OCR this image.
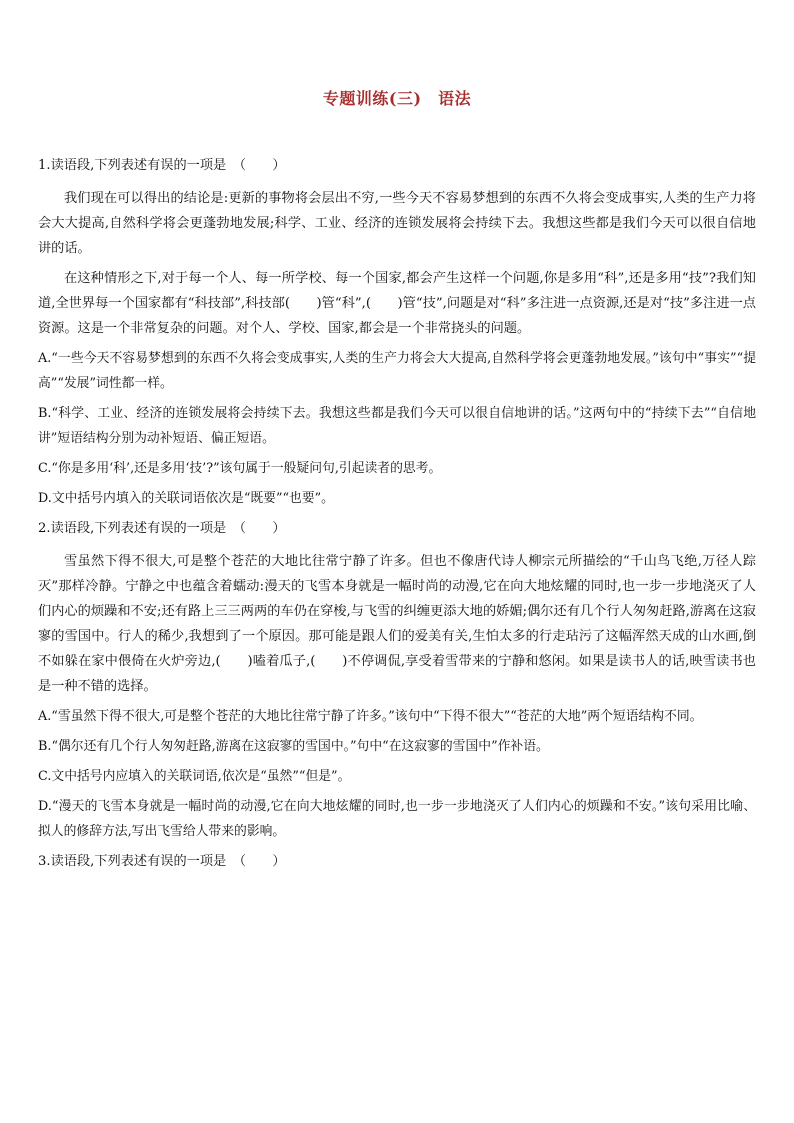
专题训练(三)　语法
1.读语段,下列表述有误的一项是　（　　）

我们现在可以得出的结论是:更新的事物将会层出不穷,一些今天不容易梦想到的东西不久将会变成事实,人类的生产力将会大大提高,自然科学将会更蓬勃地发展;科学、工业、经济的连锁发展将会持续下去。我想这些都是我们今天可以很自信地讲的话。

在这种情形之下,对于每一个人、每一所学校、每一个国家,都会产生这样一个问题,你是多用“科”,还是多用“技”?我们知道,全世界每一个国家都有“科技部”,科技部(　　)管“科”,(　　)管“技”,问题是对“科”多注进一点资源,还是对“技”多注进一点资源。这是一个非常复杂的问题。对个人、学校、国家,都会是一个非常挠头的问题。

A.“一些今天不容易梦想到的东西不久将会变成事实,人类的生产力将会大大提高,自然科学将会更蓬勃地发展。”该句中“事实”“提高”“发展”词性都一样。

B.“科学、工业、经济的连锁发展将会持续下去。我想这些都是我们今天可以很自信地讲的话。”这两句中的“持续下去”“自信地讲”短语结构分别为动补短语、偏正短语。

C.“你是多用‘科’,还是多用‘技’?”该句属于一般疑问句,引起读者的思考。

D.文中括号内填入的关联词语依次是“既要”“也要”。

2.读语段,下列表述有误的一项是　（　　）

雪虽然下得不很大,可是整个苍茫的大地比往常宁静了许多。但也不像唐代诗人柳宗元所描绘的“千山鸟飞绝,万径人踪灭”那样冷静。宁静之中也蕴含着蠕动:漫天的飞雪本身就是一幅时尚的动漫,它在向大地炫耀的同时,也一步一步地浇灭了人们内心的烦躁和不安;还有路上三三两两的车仍在穿梭,与飞雪的纠缠更添大地的娇媚;偶尔还有几个行人匆匆赶路,游离在这寂寥的雪国中。行人的稀少,我想到了一个原因。那可能是跟人们的爱美有关,生怕太多的行走玷污了这幅浑然天成的山水画,倒不如躲在家中偎倚在火炉旁边,(　　)嗑着瓜子,(　　)不停调侃,享受着雪带来的宁静和悠闲。如果是读书人的话,映雪读书也是一种不错的选择。

A.“雪虽然下得不很大,可是整个苍茫的大地比往常宁静了许多。”该句中“下得不很大”“苍茫的大地”两个短语结构不同。

B.“偶尔还有几个行人匆匆赶路,游离在这寂寥的雪国中。”句中“在这寂寥的雪国中”作补语。

C.文中括号内应填入的关联词语,依次是“虽然”“但是”。

D.“漫天的飞雪本身就是一幅时尚的动漫,它在向大地炫耀的同时,也一步一步地浇灭了人们内心的烦躁和不安。”该句采用比喻、拟人的修辞方法,写出飞雪给人带来的影响。

3.读语段,下列表述有误的一项是　（　　）
